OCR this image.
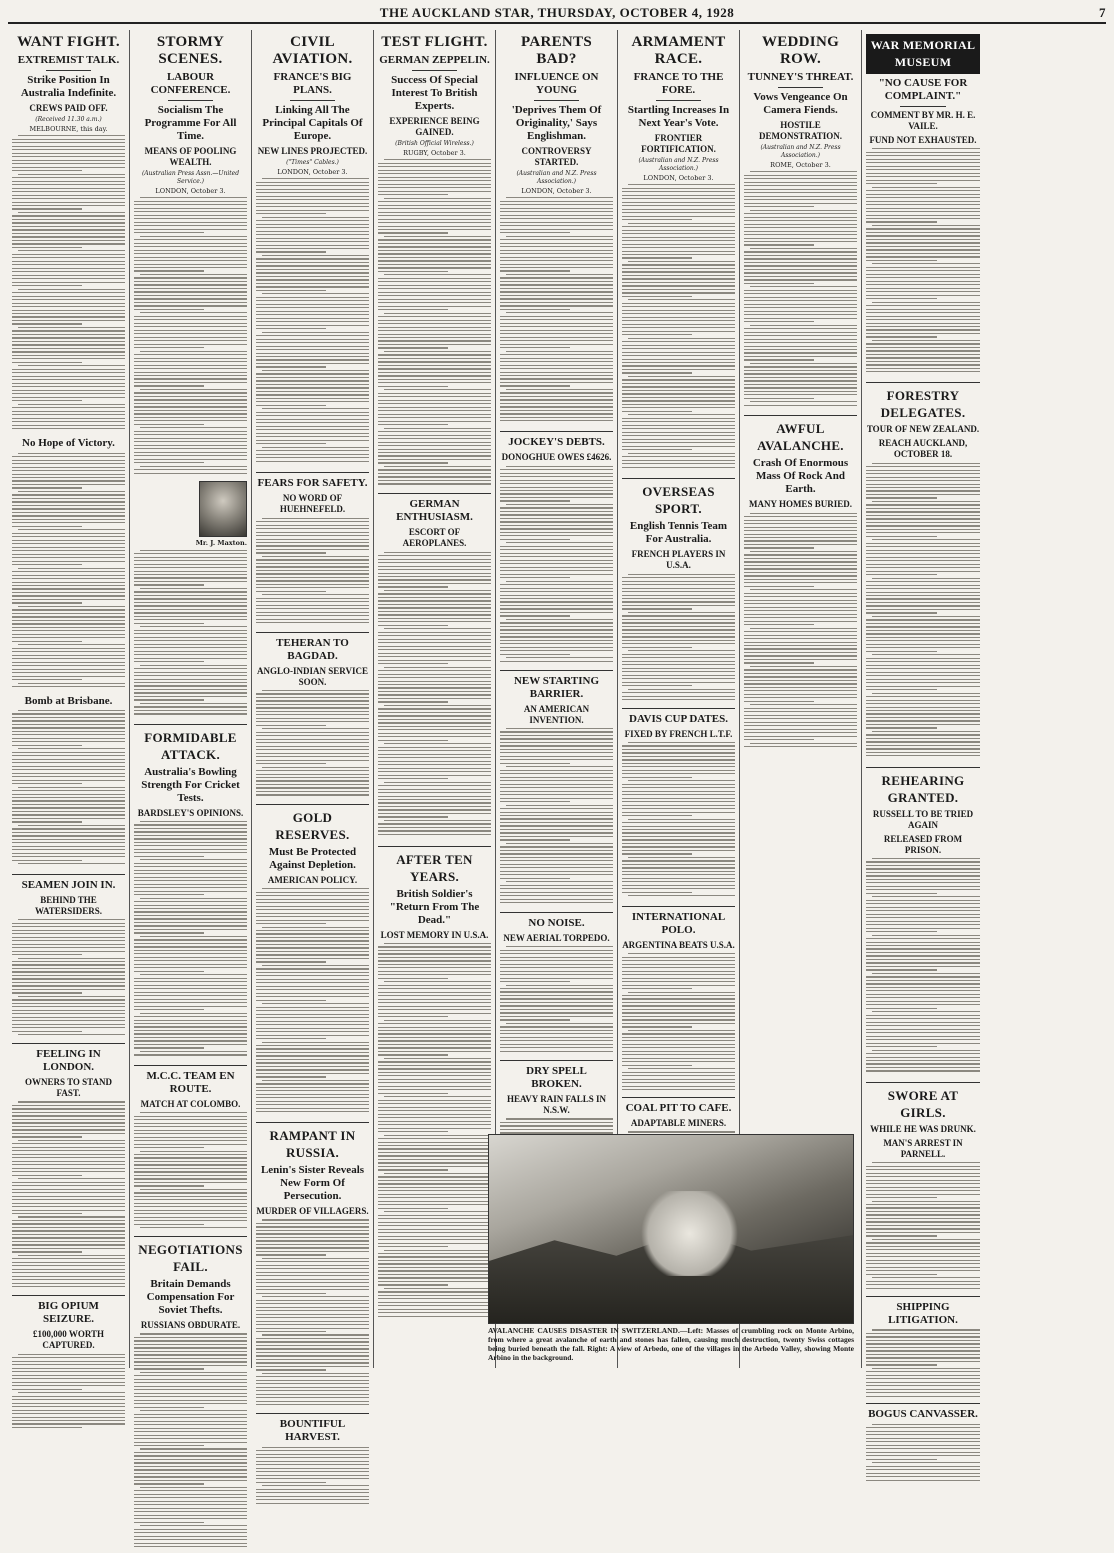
THE AUCKLAND STAR, THURSDAY, OCTOBER 4, 1928	7
WANT FIGHT.
EXTREMIST TALK.
Strike Position In Australia Indefinite.
CREWS PAID OFF.
(Received 11.30 a.m.)
MELBOURNE, this day.
No Hope of Victory.
Bomb at Brisbane.
SEAMEN JOIN IN.
BEHIND THE WATERSIDERS.
FEELING IN LONDON.
OWNERS TO STAND FAST.
BIG OPIUM SEIZURE.
£100,000 WORTH CAPTURED.
STORMY SCENES.
LABOUR CONFERENCE.
Socialism The Programme For All Time.
MEANS OF POOLING WEALTH.
(Australian Press Assn.—United Service.)
LONDON, October 3.
Mr. J. Maxton.
FORMIDABLE ATTACK.
Australia's Bowling Strength For Cricket Tests.
BARDSLEY'S OPINIONS.
M.C.C. TEAM EN ROUTE.
MATCH AT COLOMBO.
NEGOTIATIONS FAIL.
Britain Demands Compensation For Soviet Thefts.
RUSSIANS OBDURATE.
CIVIL AVIATION.
FRANCE'S BIG PLANS.
Linking All The Principal Capitals Of Europe.
NEW LINES PROJECTED.
("Times" Cables.)
LONDON, October 3.
FEARS FOR SAFETY.
NO WORD OF HUEHNEFELD.
TEHERAN TO BAGDAD.
ANGLO-INDIAN SERVICE SOON.
GOLD RESERVES.
Must Be Protected Against Depletion.
AMERICAN POLICY.
RAMPANT IN RUSSIA.
Lenin's Sister Reveals New Form Of Persecution.
MURDER OF VILLAGERS.
BOUNTIFUL HARVEST.
TEST FLIGHT.
GERMAN ZEPPELIN.
Success Of Special Interest To British Experts.
EXPERIENCE BEING GAINED.
(British Official Wireless.)
RUGBY, October 3.
GERMAN ENTHUSIASM.
ESCORT OF AEROPLANES.
AFTER TEN YEARS.
British Soldier's "Return From The Dead."
LOST MEMORY IN U.S.A.
PARENTS BAD?
INFLUENCE ON YOUNG
'Deprives Them Of Originality,' Says Englishman.
CONTROVERSY STARTED.
(Australian and N.Z. Press Association.)
LONDON, October 3.
JOCKEY'S DEBTS.
DONOGHUE OWES £4626.
NEW STARTING BARRIER.
AN AMERICAN INVENTION.
NO NOISE.
NEW AERIAL TORPEDO.
DRY SPELL BROKEN.
HEAVY RAIN FALLS IN N.S.W.
ARMAMENT RACE.
FRANCE TO THE FORE.
Startling Increases In Next Year's Vote.
FRONTIER FORTIFICATION.
(Australian and N.Z. Press Association.)
LONDON, October 3.
OVERSEAS SPORT.
English Tennis Team For Australia.
FRENCH PLAYERS IN U.S.A.
DAVIS CUP DATES.
FIXED BY FRENCH L.T.F.
INTERNATIONAL POLO.
ARGENTINA BEATS U.S.A.
COAL PIT TO CAFE.
ADAPTABLE MINERS.
WEDDING ROW.
TUNNEY'S THREAT.
Vows Vengeance On Camera Fiends.
HOSTILE DEMONSTRATION.
(Australian and N.Z. Press Association.)
ROME, October 3.
AWFUL AVALANCHE.
Crash Of Enormous Mass Of Rock And Earth.
MANY HOMES BURIED.
WAR MEMORIAL MUSEUM
"NO CAUSE FOR COMPLAINT."
COMMENT BY MR. H. E. VAILE.
FUND NOT EXHAUSTED.
FORESTRY DELEGATES.
TOUR OF NEW ZEALAND.
REACH AUCKLAND, OCTOBER 18.
REHEARING GRANTED.
RUSSELL TO BE TRIED AGAIN
RELEASED FROM PRISON.
SWORE AT GIRLS.
WHILE HE WAS DRUNK.
MAN'S ARREST IN PARNELL.
SHIPPING LITIGATION.
BOGUS CANVASSER.
AVALANCHE CAUSES DISASTER IN SWITZERLAND.—Left: Masses of crumbling rock on Monte Arbino, from where a great avalanche of earth and stones has fallen, causing much destruction, twenty Swiss cottages being buried beneath the fall. Right: A view of Arbedo, one of the villages in the Arbedo Valley, showing Monte Arbino in the background.
